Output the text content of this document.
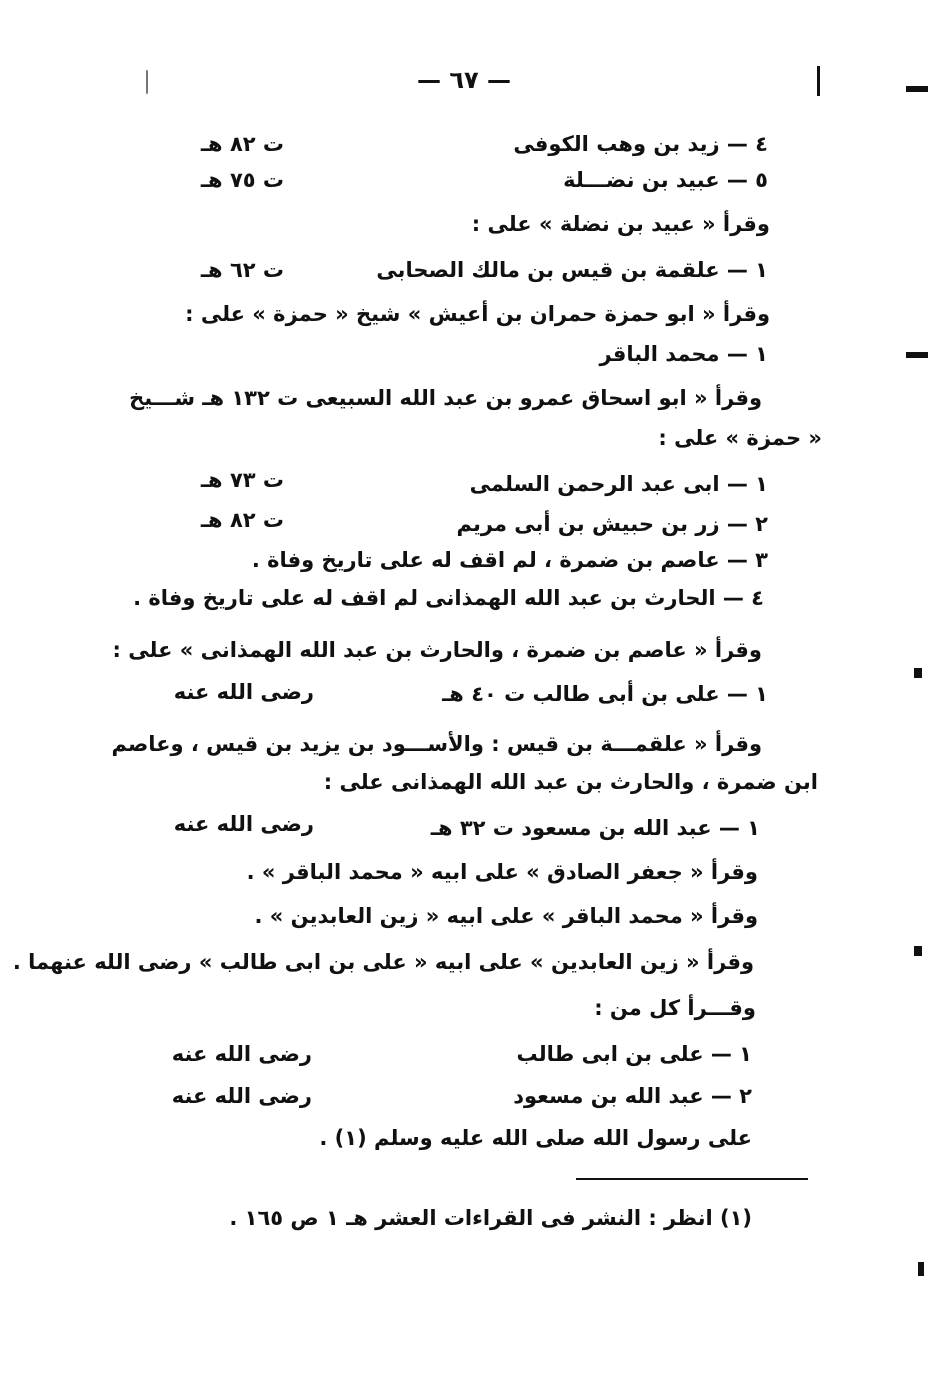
— ٦٧ —
٤ — زيد بن وهب الكوفى
ت ٨٢ هـ
٥ — عبيد بن نضـــلة
ت ٧٥ هـ
وقرأ « عبيد بن نضلة » على :
١ — علقمة بن قيس بن مالك الصحابى
ت ٦٢ هـ
وقرأ « ابو حمزة حمران بن أعيش » شيخ « حمزة » على :
١ — محمد الباقر
وقرأ « ابو اسحاق عمرو بن عبد الله السبيعى ت ١٣٢ هـ شـــيخ
« حمزة » على :
١ — ابى عبد الرحمن السلمى
ت ٧٣ هـ
٢ — زر بن حبيش بن أبى مريم
ت ٨٢ هـ
٣ — عاصم بن ضمرة ، لم اقف له على تاريخ وفاة .
٤ — الحارث بن عبد الله الهمذانى لم اقف له على تاريخ وفاة .
وقرأ « عاصم بن ضمرة ، والحارث بن عبد الله الهمذانى » على :
١ — على بن أبى طالب ت ٤٠ هـ
رضى الله عنه
وقرأ « علقمـــة بن قيس : والأســـود بن يزيد بن قيس ، وعاصم
ابن ضمرة ، والحارث بن عبد الله الهمذانى على :
١ — عبد الله بن مسعود ت ٣٢ هـ
رضى الله عنه
وقرأ « جعفر الصادق » على ابيه « محمد الباقر » .
وقرأ « محمد الباقر » على ابيه « زين العابدين » .
وقرأ « زين العابدين » على ابيه « على بن ابى طالب » رضى الله عنهما .
وقـــرأ كل من :
١ — على بن ابى طالب
رضى الله عنه
٢ — عبد الله بن مسعود
رضى الله عنه
على رسول الله صلى الله عليه وسلم (١) .
(١) انظر : النشر فى القراءات العشر هـ ١ ص ١٦٥ .
